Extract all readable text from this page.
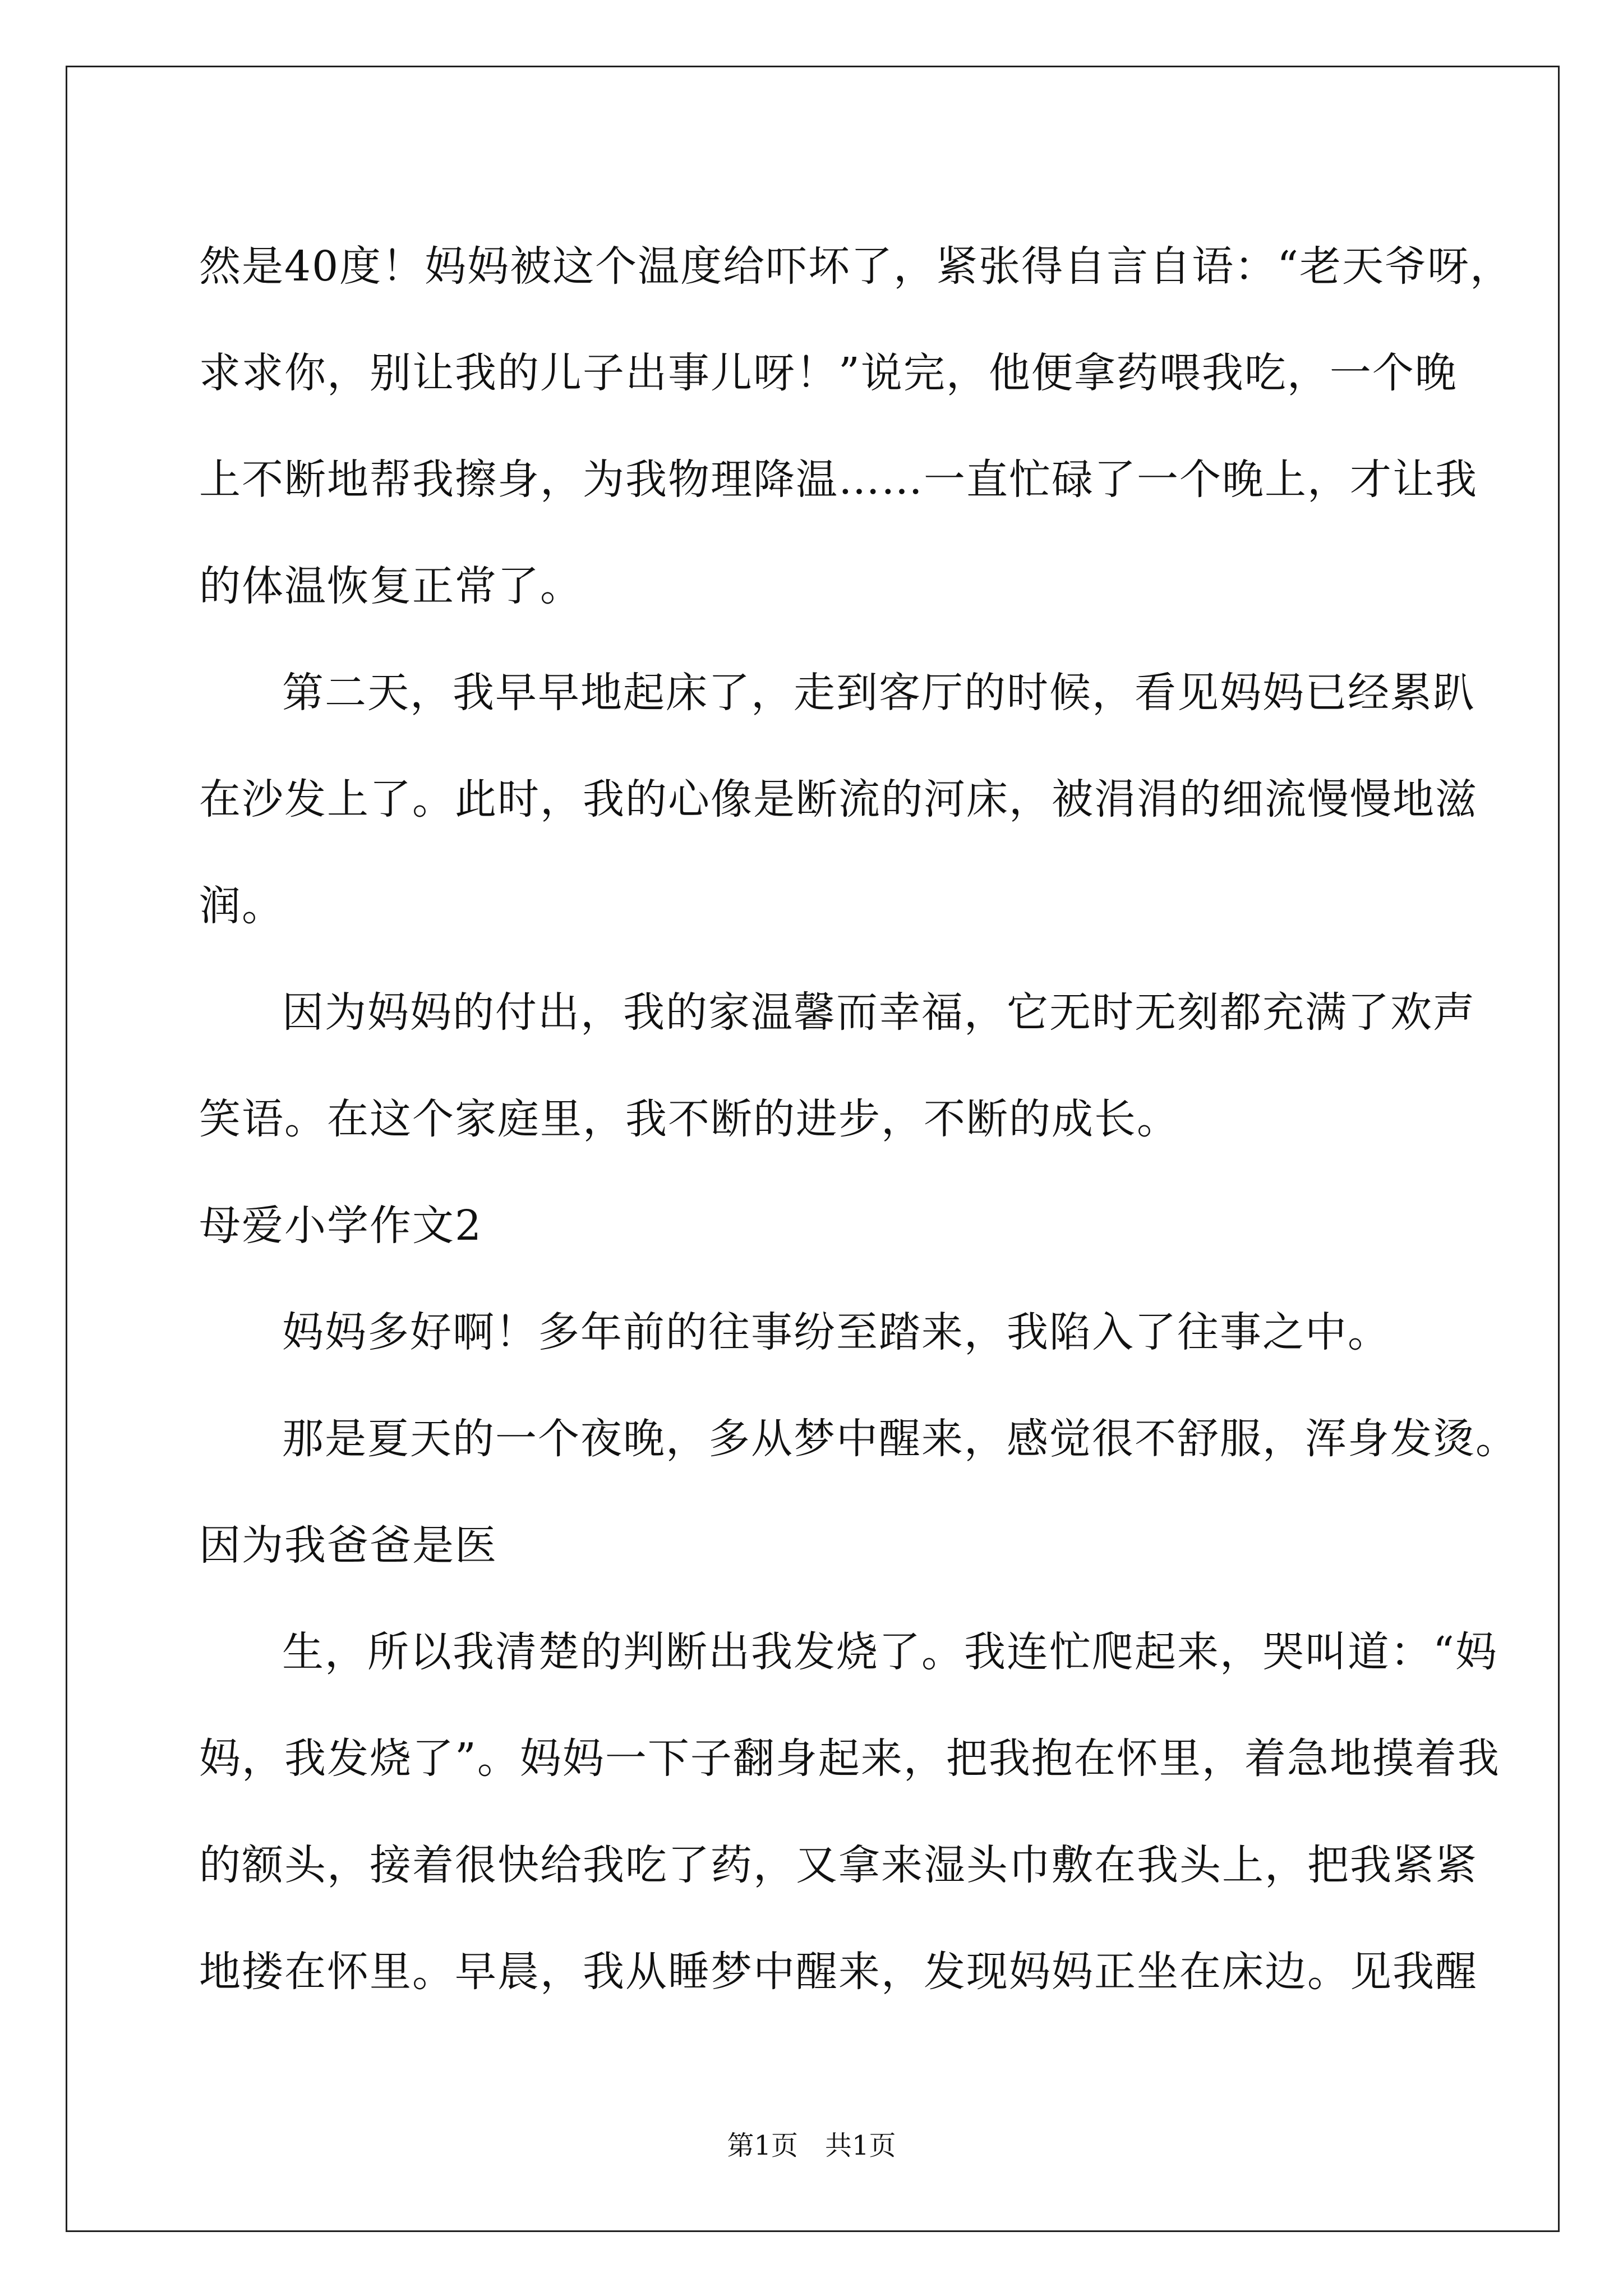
然是40度！妈妈被这个温度给吓坏了，紧张得自言自语：“老天爷呀，
求求你，别让我的儿子出事儿呀！”说完，他便拿药喂我吃，一个晚
上不断地帮我擦身，为我物理降温……一直忙碌了一个晚上，才让我
的体温恢复正常了。
第二天，我早早地起床了，走到客厅的时候，看见妈妈已经累趴
在沙发上了。此时，我的心像是断流的河床，被涓涓的细流慢慢地滋
润。
因为妈妈的付出，我的家温馨而幸福，它无时无刻都充满了欢声
笑语。在这个家庭里，我不断的进步，不断的成长。
母爱小学作文2
妈妈多好啊！多年前的往事纷至踏来，我陷入了往事之中。
那是夏天的一个夜晚，多从梦中醒来，感觉很不舒服，浑身发烫。
因为我爸爸是医
生，所以我清楚的判断出我发烧了。我连忙爬起来，哭叫道：“妈
妈，我发烧了”。妈妈一下子翻身起来，把我抱在怀里，着急地摸着我
的额头，接着很快给我吃了药，又拿来湿头巾敷在我头上，把我紧紧
地搂在怀里。早晨，我从睡梦中醒来，发现妈妈正坐在床边。见我醒
第1页　共1页
